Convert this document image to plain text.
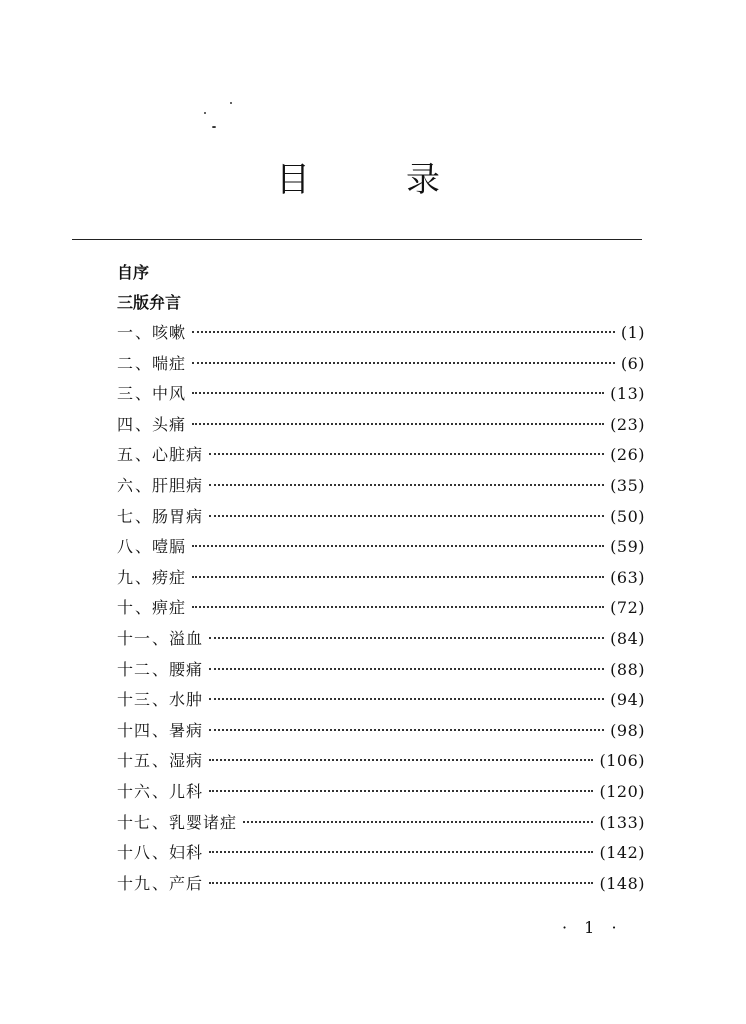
目	录
自序
三版弁言
一 、 咳嗽	(1)
二 、 喘症	(6)
三 、 中风	(13)
四 、 头痛	(23)
五 、 心脏病	(26)
六 、 肝胆病	(35)
七 、 肠胃病	(50)
八 、 噎膈	(59)
九 、 痨症	(63)
十 、 痹症	(72)
十一 、 溢血	(84)
十二 、 腰痛	(88)
十三 、 水肿	(94)
十四 、 暑病	(98)
十五 、 湿病	(106)
十六 、 儿科	(120)
十七 、 乳婴诸症	(133)
十八 、 妇科	(142)
十九 、 产后	(148)
· 1 ·
